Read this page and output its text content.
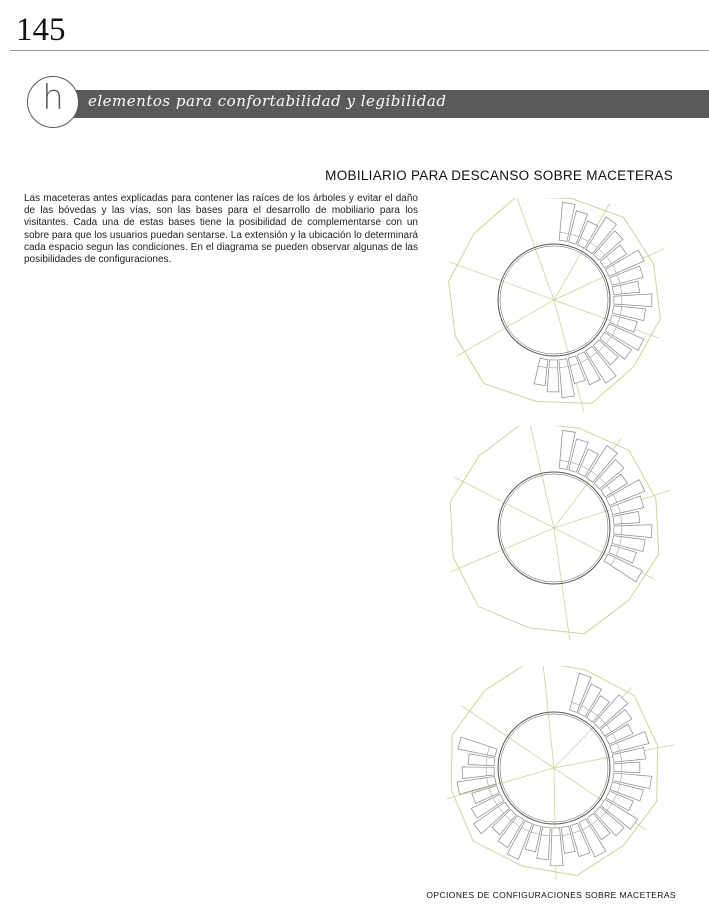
145
elementos para confortabilidad y legibilidad
h
MOBILIARIO PARA DESCANSO SOBRE MACETERAS

Las maceteras antes explicadas para contener las raíces de los árboles y evitar el daño de las bóvedas y las vías, son las bases para el desarrollo de mobiliario para los visitantes. Cada una de estas bases tiene la posibilidad de complementarse con un sobre para que los usuarios puedan sentarse. La extensión y la ubicación lo determinará cada espacio segun las condiciones. En el diagrama se pueden observar algunas de las posibilidades de configuraciones.

OPCIONES DE CONFIGURACIONES SOBRE MACETERAS
